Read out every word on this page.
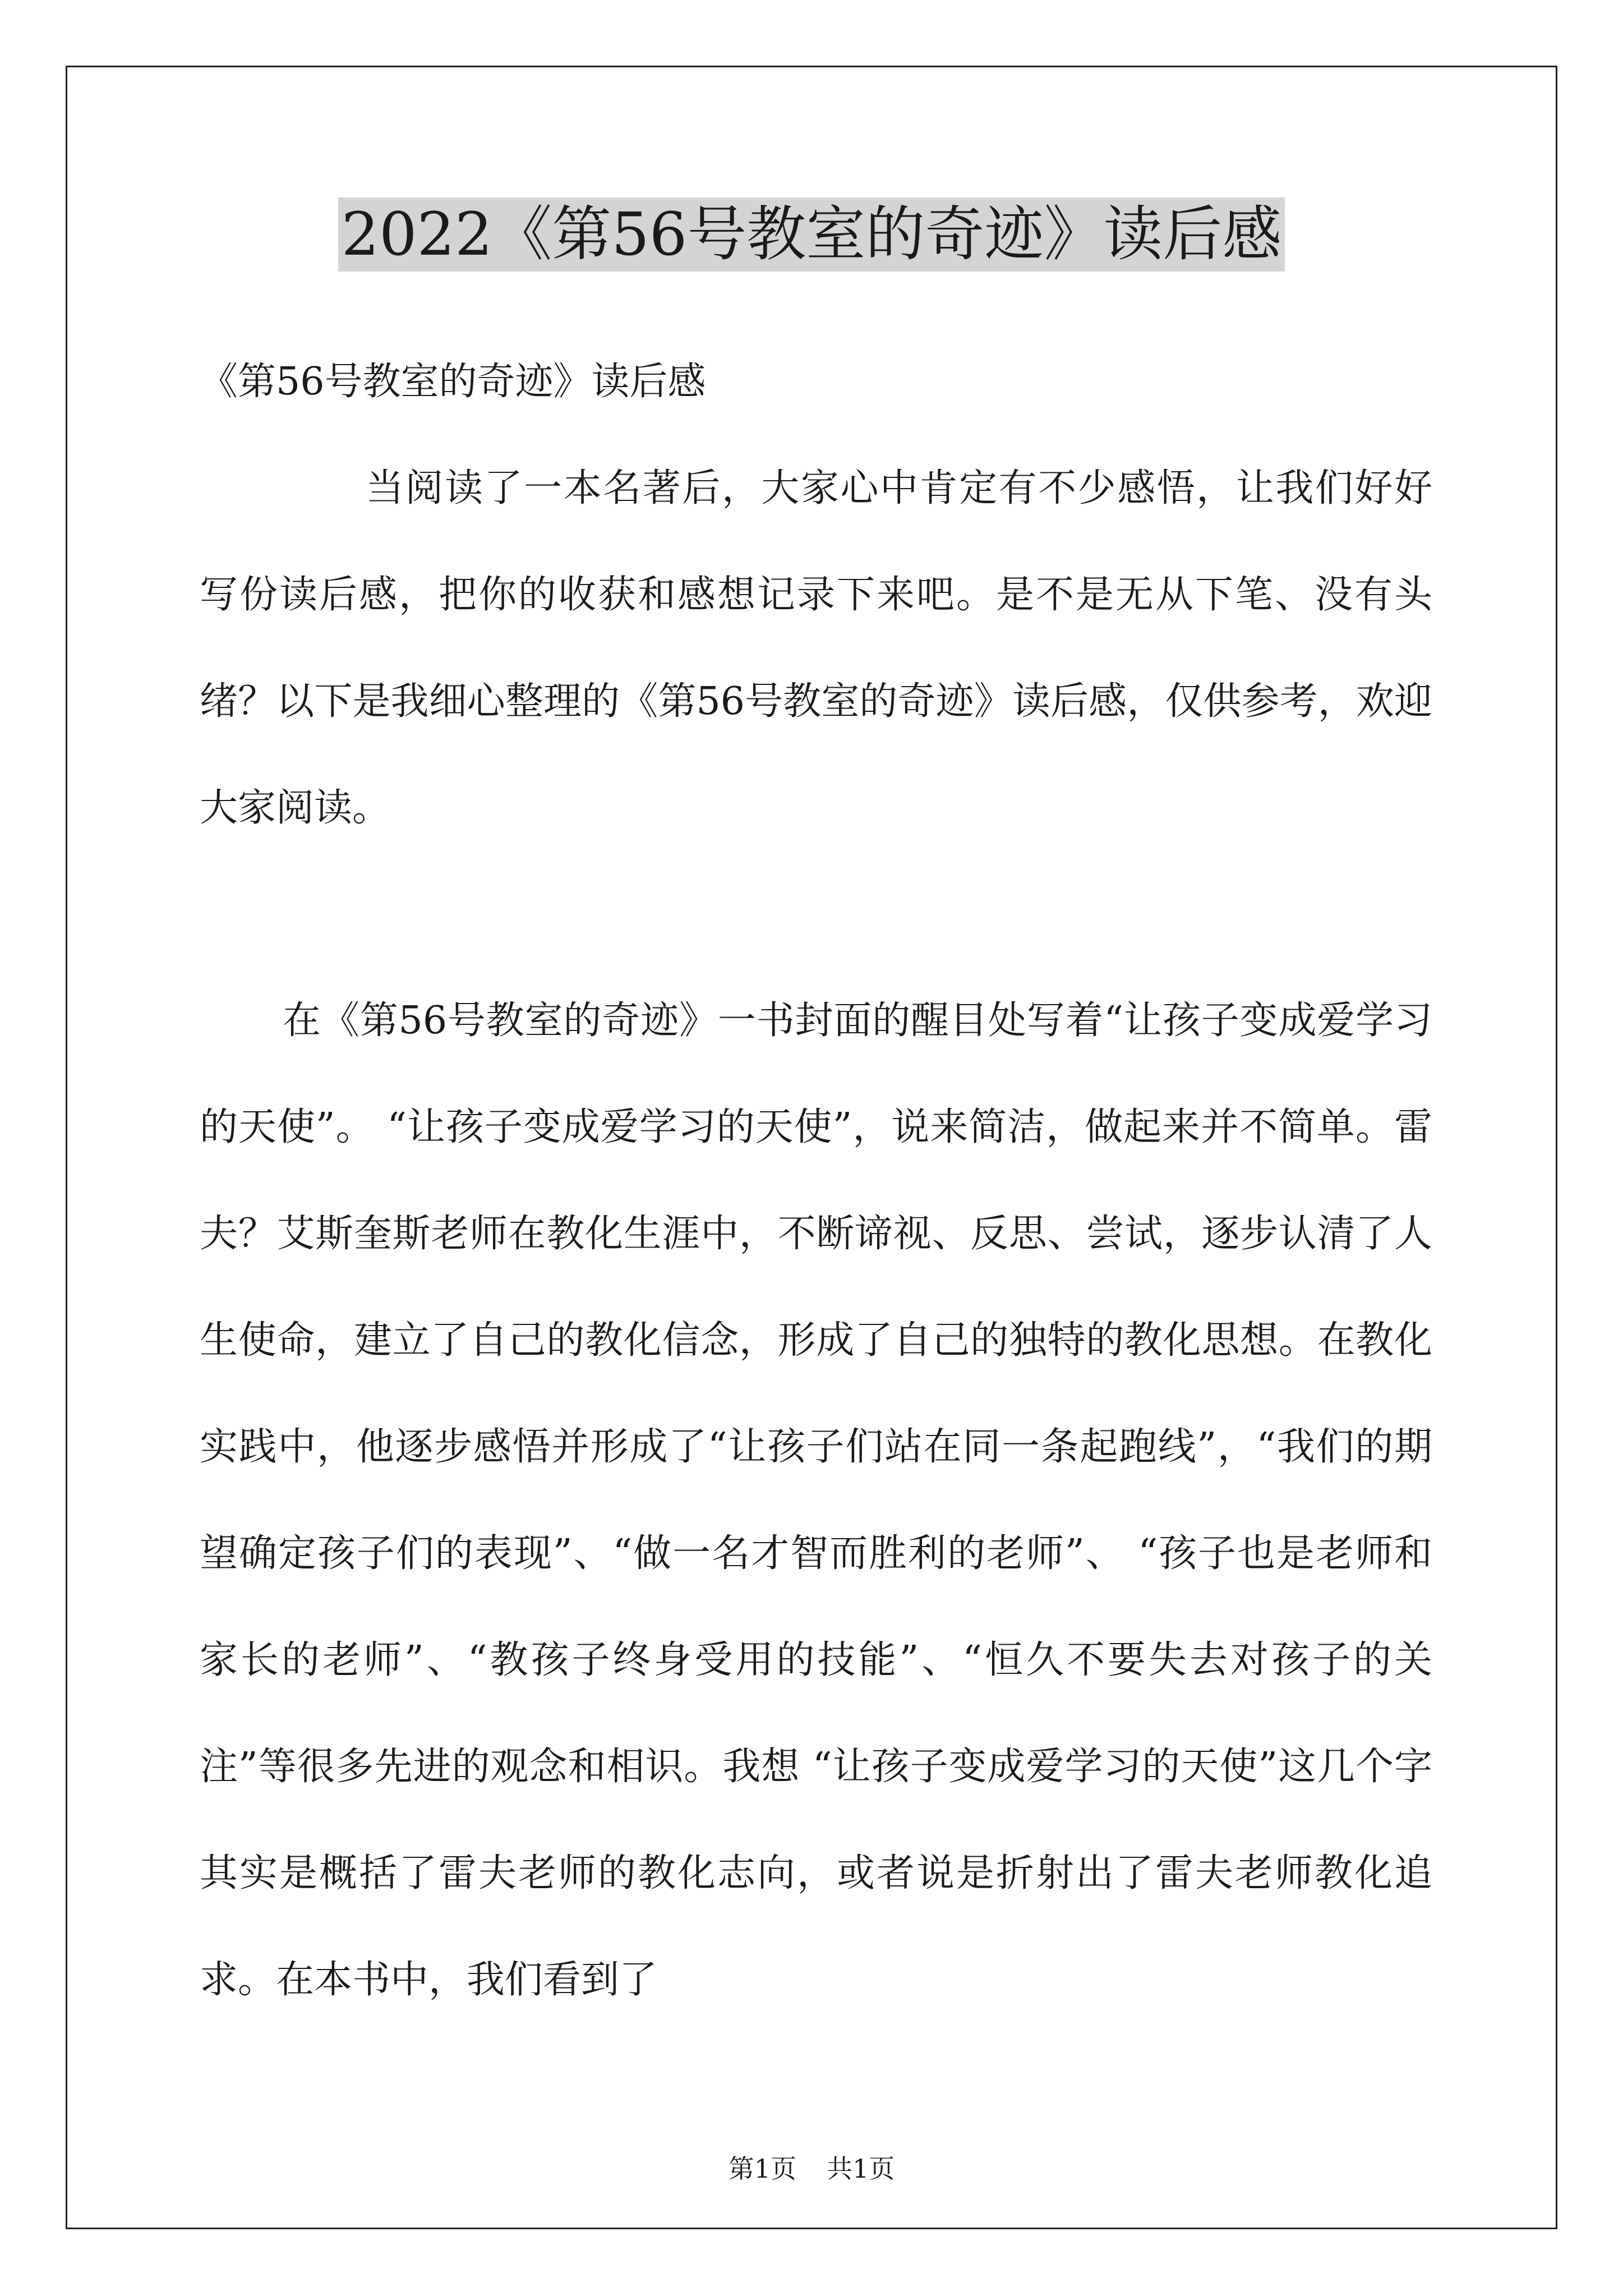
2022《第56号教室的奇迹》读后感
《第56号教室的奇迹》读后感

当阅读了一本名著后，大家心中肯定有不少感悟，让我们好好写份读后感，把你的收获和感想记录下来吧。是不是无从下笔、没有头绪？以下是我细心整理的《第56号教室的奇迹》读后感，仅供参考，欢迎大家阅读。

在《第56号教室的奇迹》一书封面的醒目处写着“让孩子变成爱学习的天使”。 “让孩子变成爱学习的天使”，说来简洁，做起来并不简单。雷夫？艾斯奎斯老师在教化生涯中，不断谛视、反思、尝试，逐步认清了人生使命，建立了自己的教化信念，形成了自己的独特的教化思想。在教化实践中，他逐步感悟并形成了“让孩子们站在同一条起跑线”，“我们的期望确定孩子们的表现”、“做一名才智而胜利的老师”、 “孩子也是老师和家长的老师”、“教孩子终身受用的技能”、“恒久不要失去对孩子的关注”等很多先进的观念和相识。我想 “让孩子变成爱学习的天使”这几个字其实是概括了雷夫老师的教化志向，或者说是折射出了雷夫老师教化追求。在本书中，我们看到了

第1页 共1页
